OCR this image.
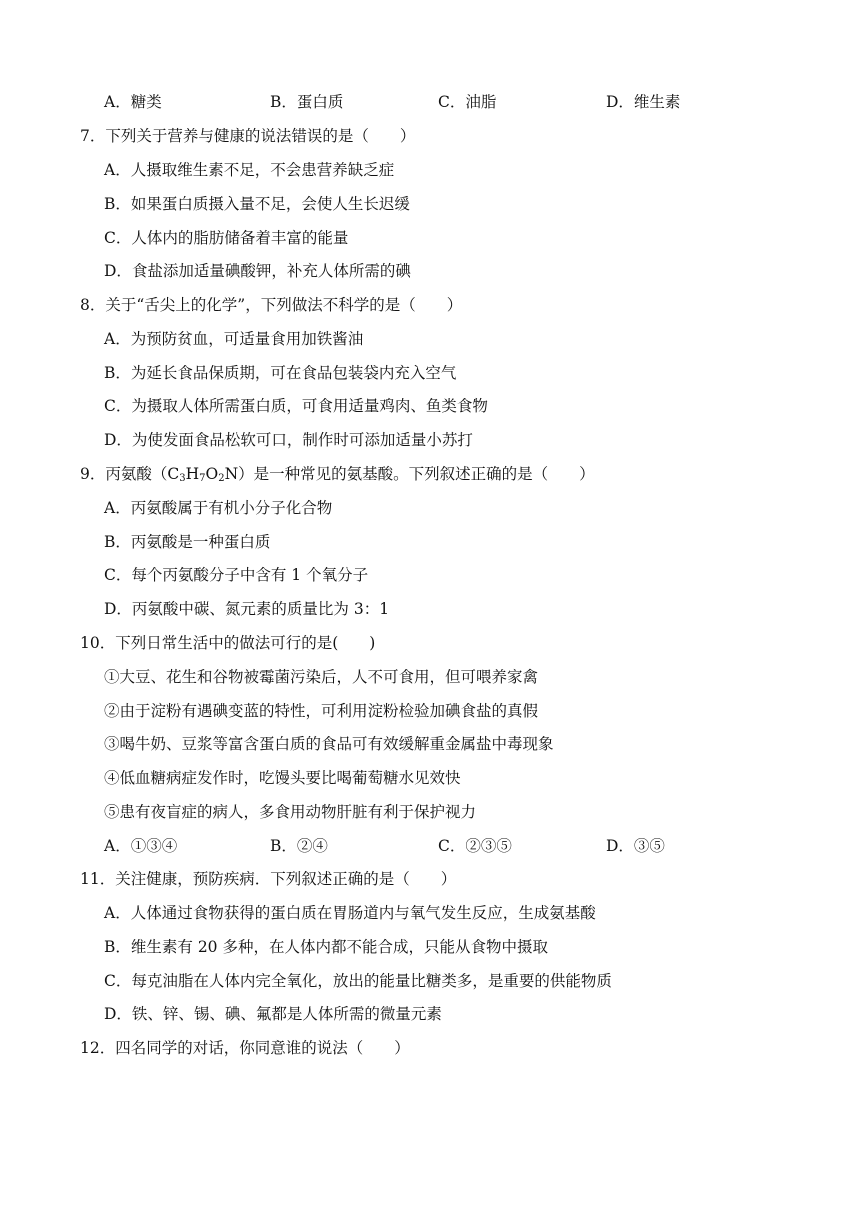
A．糖类	B．蛋白质	C．油脂	D．维生素
7．下列关于营养与健康的说法错误的是（　　）
A．人摄取维生素不足，不会患营养缺乏症
B．如果蛋白质摄入量不足，会使人生长迟缓
C．人体内的脂肪储备着丰富的能量
D．食盐添加适量碘酸钾，补充人体所需的碘
8．关于“舌尖上的化学”，下列做法不科学的是（　　）
A．为预防贫血，可适量食用加铁酱油
B．为延长食品保质期，可在食品包装袋内充入空气
C．为摄取人体所需蛋白质，可食用适量鸡肉、鱼类食物
D．为使发面食品松软可口，制作时可添加适量小苏打
9．丙氨酸$(C_3H_7O_2N)$是一种常见的氨基酸。下列叙述正确的是（　　）
A．丙氨酸属于有机小分子化合物
B．丙氨酸是一种蛋白质
C．每个丙氨酸分子中含有 1 个氧分子
D．丙氨酸中碳、氮元素的质量比为 3：1
10．下列日常生活中的做法可行的是(　　)
①大豆、花生和谷物被霉菌污染后，人不可食用，但可喂养家禽
②由于淀粉有遇碘变蓝的特性，可利用淀粉检验加碘食盐的真假
③喝牛奶、豆浆等富含蛋白质的食品可有效缓解重金属盐中毒现象
④低血糖病症发作时，吃馒头要比喝葡萄糖水见效快
⑤患有夜盲症的病人，多食用动物肝脏有利于保护视力
A．①③④	B．②④	C．②③⑤	D．③⑤
11．关注健康，预防疾病．下列叙述正确的是（　　）
A．人体通过食物获得的蛋白质在胃肠道内与氧气发生反应，生成氨基酸
B．维生素有 20 多种，在人体内都不能合成，只能从食物中摄取
C．每克油脂在人体内完全氧化，放出的能量比糖类多，是重要的供能物质
D．铁、锌、锡、碘、氟都是人体所需的微量元素
12．四名同学的对话，你同意谁的说法（　　）
